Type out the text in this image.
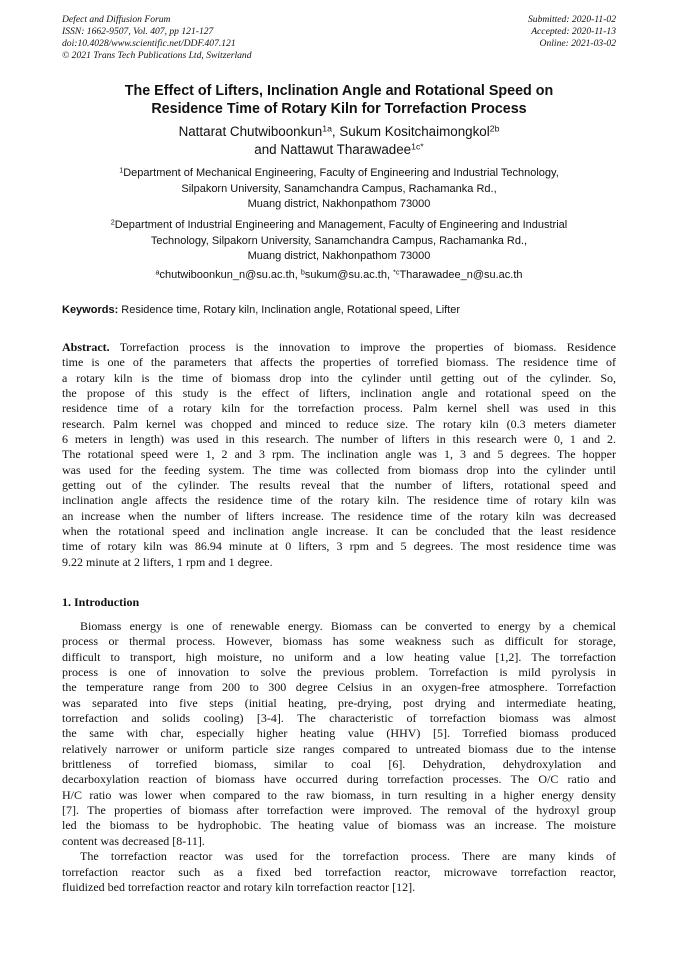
Defect and Diffusion Forum
ISSN: 1662-9507, Vol. 407, pp 121-127
doi:10.4028/www.scientific.net/DDF.407.121
© 2021 Trans Tech Publications Ltd, Switzerland
Submitted: 2020-11-02
Accepted: 2020-11-13
Online: 2021-03-02
The Effect of Lifters, Inclination Angle and Rotational Speed on
Residence Time of Rotary Kiln for Torrefaction Process
Nattarat Chutwiboonkun$^{1a}$, Sukum Kositchaimongkol$^{2b}$
and Nattawut Tharawadee$^{1c*}$
$^1$Department of Mechanical Engineering, Faculty of Engineering and Industrial Technology,
Silpakorn University, Sanamchandra Campus, Rachamanka Rd.,
Muang district, Nakhonpathom 73000
$^2$Department of Industrial Engineering and Management, Faculty of Engineering and Industrial
Technology, Silpakorn University, Sanamchandra Campus, Rachamanka Rd.,
Muang district, Nakhonpathom 73000
$^a$chutwiboonkun_n@su.ac.th, $^b$sukum@su.ac.th, $^{*c}$Tharawadee_n@su.ac.th
Keywords: Residence time, Rotary kiln, Inclination angle, Rotational speed, Lifter
Abstract. Torrefaction process is the innovation to improve the properties of biomass. Residence
time is one of the parameters that affects the properties of torrefied biomass. The residence time of
a rotary kiln is the time of biomass drop into the cylinder until getting out of the cylinder. So,
the propose of this study is the effect of lifters, inclination angle and rotational speed on the
residence time of a rotary kiln for the torrefaction process. Palm kernel shell was used in this
research. Palm kernel was chopped and minced to reduce size. The rotary kiln (0.3 meters diameter
6 meters in length) was used in this research. The number of lifters in this research were 0, 1 and 2.
The rotational speed were 1, 2 and 3 rpm. The inclination angle was 1, 3 and 5 degrees. The hopper
was used for the feeding system. The time was collected from biomass drop into the cylinder until
getting out of the cylinder. The results reveal that the number of lifters, rotational speed and
inclination angle affects the residence time of the rotary kiln. The residence time of rotary kiln was
an increase when the number of lifters increase. The residence time of the rotary kiln was decreased
when the rotational speed and inclination angle increase. It can be concluded that the least residence
time of rotary kiln was 86.94 minute at 0 lifters, 3 rpm and 5 degrees. The most residence time was
9.22 minute at 2 lifters, 1 rpm and 1 degree.
1. Introduction
Biomass energy is one of renewable energy. Biomass can be converted to energy by a chemical
process or thermal process. However, biomass has some weakness such as difficult for storage,
difficult to transport, high moisture, no uniform and a low heating value [1,2]. The torrefaction
process is one of innovation to solve the previous problem. Torrefaction is mild pyrolysis in
the temperature range from 200 to 300 degree Celsius in an oxygen-free atmosphere. Torrefaction
was separated into five steps (initial heating, pre-drying, post drying and intermediate heating,
torrefaction and solids cooling) [3-4]. The characteristic of torrefaction biomass was almost
the same with char, especially higher heating value (HHV) [5]. Torrefied biomass produced
relatively narrower or uniform particle size ranges compared to untreated biomass due to the intense
brittleness of torrefied biomass, similar to coal [6]. Dehydration, dehydroxylation and
decarboxylation reaction of biomass have occurred during torrefaction processes. The O/C ratio and
H/C ratio was lower when compared to the raw biomass, in turn resulting in a higher energy density
[7]. The properties of biomass after torrefaction were improved. The removal of the hydroxyl group
led the biomass to be hydrophobic. The heating value of biomass was an increase. The moisture
content was decreased [8-11].
The torrefaction reactor was used for the torrefaction process. There are many kinds of
torrefaction reactor such as a fixed bed torrefaction reactor, microwave torrefaction reactor,
fluidized bed torrefaction reactor and rotary kiln torrefaction reactor [12].
